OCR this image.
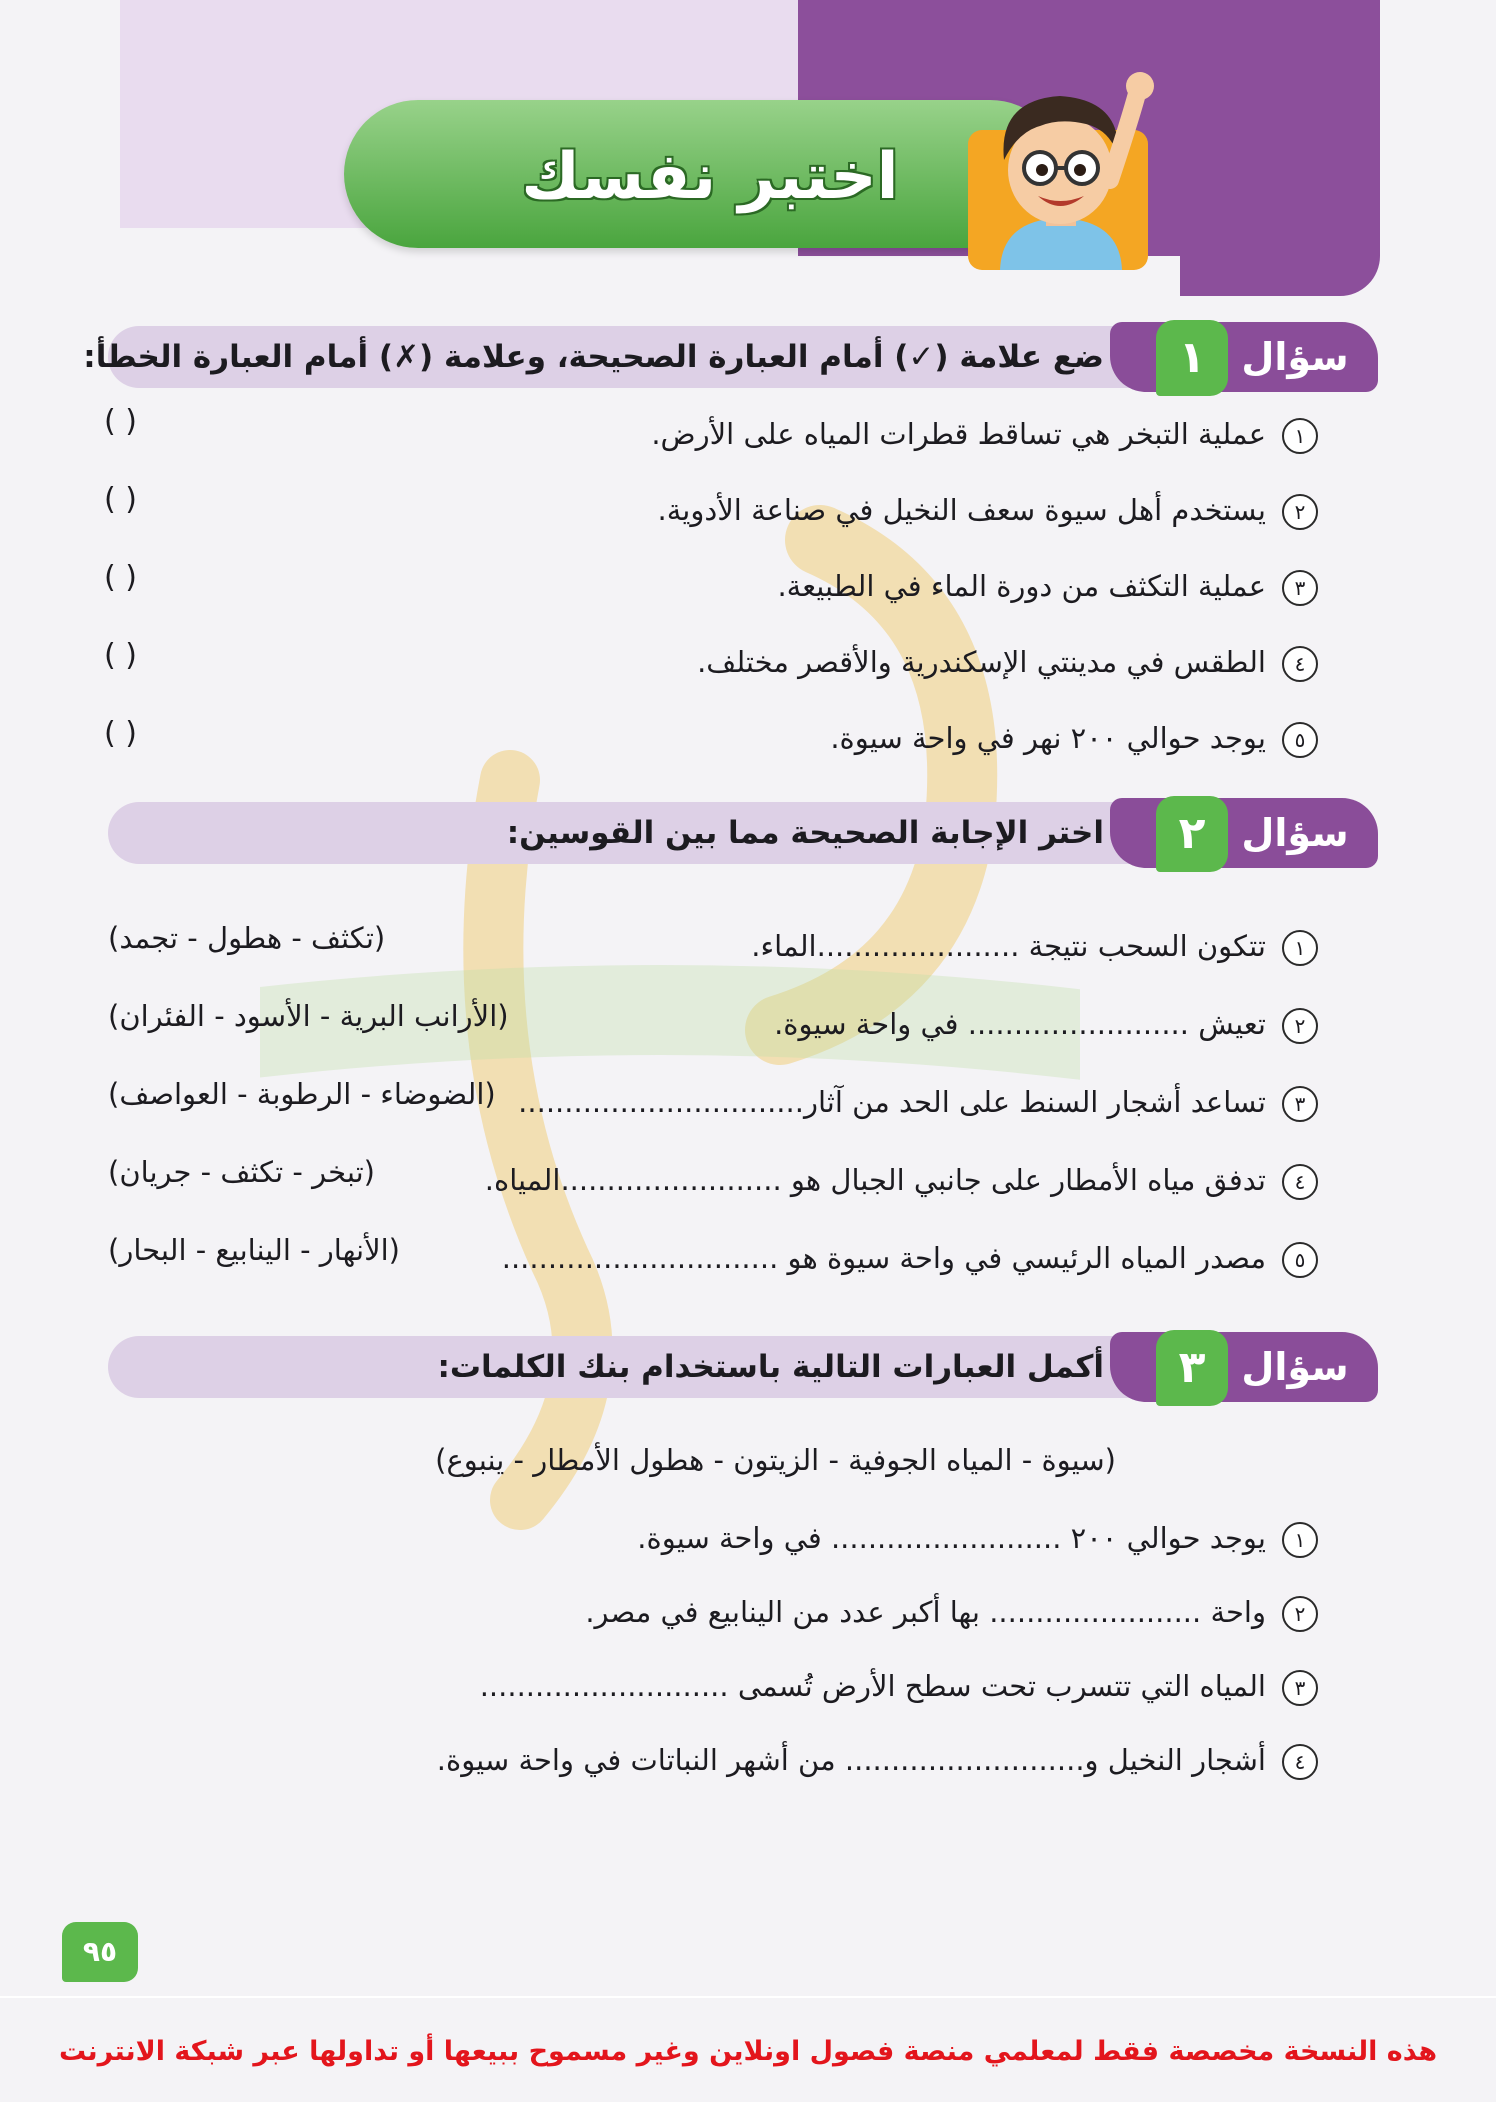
اختبر نفسك
سؤال
١
ضع علامة (✓) أمام العبارة الصحيحة، وعلامة (✗) أمام العبارة الخطأ:
١
عملية التبخر هي تساقط قطرات المياه على الأرض.
( )
٢
يستخدم أهل سيوة سعف النخيل في صناعة الأدوية.
( )
٣
عملية التكثف من دورة الماء في الطبيعة.
( )
٤
الطقس في مدينتي الإسكندرية والأقصر مختلف.
( )
٥
يوجد حوالي ٢٠٠ نهر في واحة سيوة.
( )
سؤال
٢
اختر الإجابة الصحيحة مما بين القوسين:
١
تتكون السحب نتيجة ......................الماء.
(تكثف - هطول - تجمد)
٢
تعيش ........................ في واحة سيوة.
(الأرانب البرية - الأسود - الفئران)
٣
تساعد أشجار السنط على الحد من آثار...............................
(الضوضاء - الرطوبة - العواصف)
٤
تدفق مياه الأمطار على جانبي الجبال هو ........................المياه.
(تبخر - تكثف - جريان)
٥
مصدر المياه الرئيسي في واحة سيوة هو ..............................
(الأنهار - الينابيع - البحار)
سؤال
٣
أكمل العبارات التالية باستخدام بنك الكلمات:
(سيوة - المياه الجوفية - الزيتون - هطول الأمطار - ينبوع)
١
يوجد حوالي ٢٠٠ ......................... في واحة سيوة.
٢
واحة ....................... بها أكبر عدد من الينابيع في مصر.
٣
المياه التي تتسرب تحت سطح الأرض تُسمى ...........................
٤
أشجار النخيل و.......................... من أشهر النباتات في واحة سيوة.
٩٥
هذه النسخة مخصصة فقط لمعلمي منصة فصول اونلاين وغير مسموح ببيعها أو تداولها عبر شبكة الانترنت
